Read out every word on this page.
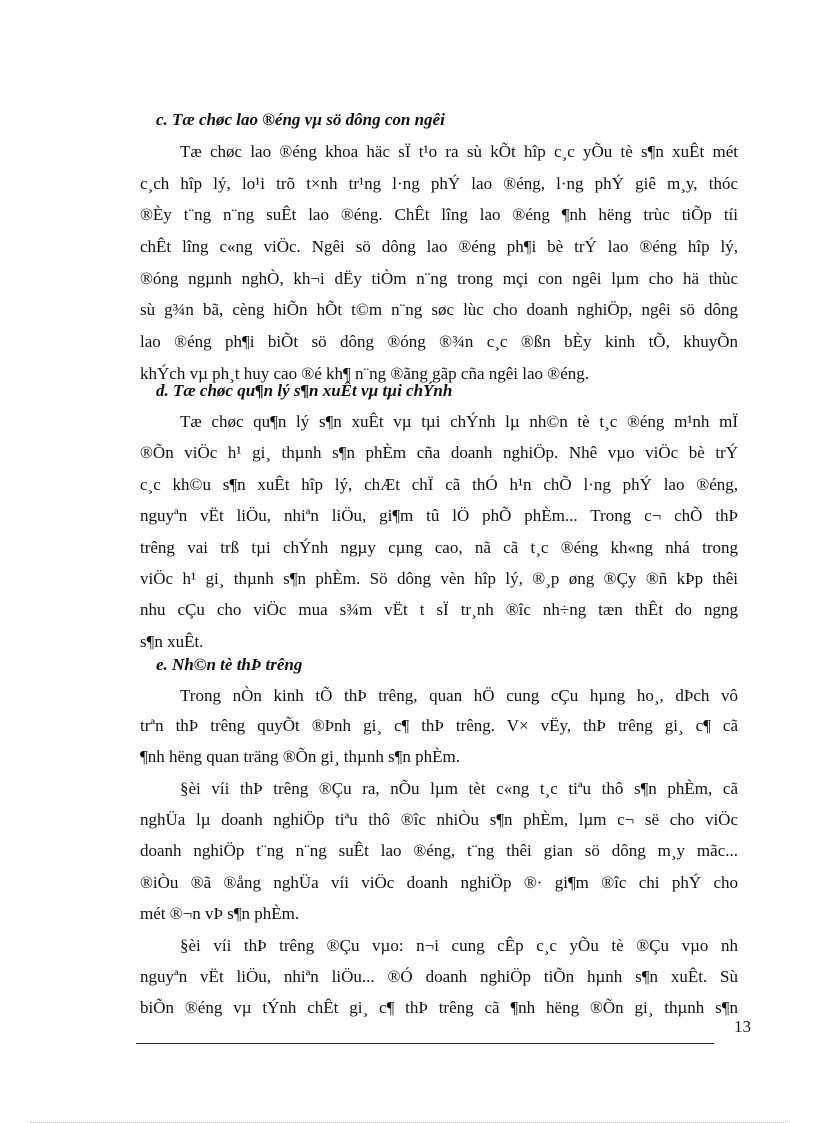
c. Tæ chøc lao ®éng vµ sö dông con ngêi
Tæ chøc lao ®éng khoa häc sÏ t¹o ra sù kÕt hîp c¸c yÕu tè s¶n xuÊt mét
c¸ch hîp lý, lo¹i trõ t×nh tr¹ng l·ng phÝ lao ®éng, l·ng phÝ giê m¸y, thóc
®Èy t¨ng n¨ng suÊt lao ®éng. ChÊt lîng lao ®éng ¶nh hëng trùc tiÕp tíi
chÊt lîng c«ng viÖc. Ngêi sö dông lao ®éng ph¶i bè trÝ lao ®éng hîp lý,
®óng ngµnh nghÒ, kh¬i dËy tiÒm n¨ng trong mçi con ngêi lµm cho hä thùc
sù g¾n bã, cèng hiÕn hÕt t©m n¨ng søc lùc cho doanh nghiÖp, ngêi sö dông
lao ®éng ph¶i biÕt sö dông ®óng ®¾n c¸c ®ßn bÈy kinh tÕ, khuyÕn
khÝch vµ ph¸t huy cao ®é kh¶ n¨ng ®ãng gãp cña ngêi lao ®éng.
d. Tæ chøc qu¶n lý s¶n xuÊt vµ tµi chÝnh
Tæ chøc qu¶n lý s¶n xuÊt vµ tµi chÝnh lµ nh©n tè t¸c ®éng m¹nh mÏ
®Õn viÖc h¹ gi¸ thµnh s¶n phÈm cña doanh nghiÖp. Nhê vµo viÖc bè trÝ
c¸c kh©u s¶n xuÊt hîp lý, chÆt chÏ cã thÓ h¹n chÕ l·ng phÝ lao ®éng,
nguyªn vËt liÖu, nhiªn liÖu, gi¶m tû lÖ phÕ phÈm... Trong c¬ chÕ thÞ
trêng vai trß tµi chÝnh ngµy cµng cao, nã cã t¸c ®éng kh«ng nhá trong
viÖc h¹ gi¸ thµnh s¶n phÈm. Sö dông vèn hîp lý, ®¸p øng ®Çy ®ñ kÞp thêi
nhu cÇu cho viÖc mua s¾m vËt t sÏ tr¸nh ®îc nh÷ng tæn thÊt do ngng
s¶n xuÊt.
e. Nh©n tè thÞ trêng
Trong nÒn kinh tÕ thÞ trêng, quan hÖ cung cÇu hµng ho¸, dÞch vô
trªn thÞ trêng quyÕt ®Þnh gi¸ c¶ thÞ trêng. V× vËy, thÞ trêng gi¸ c¶ cã
¶nh hëng quan träng ®Õn gi¸ thµnh s¶n phÈm.
§èi víi thÞ trêng ®Çu ra, nÕu lµm tèt c«ng t¸c tiªu thô s¶n phÈm, cã
nghÜa lµ doanh nghiÖp tiªu thô ®îc nhiÒu s¶n phÈm, lµm c¬ së cho viÖc
doanh nghiÖp t¨ng n¨ng suÊt lao ®éng, t¨ng thêi gian sö dông m¸y mãc...
®iÒu ®ã ®ång nghÜa víi viÖc doanh nghiÖp ®· gi¶m ®îc chi phÝ cho
mét ®¬n vÞ s¶n phÈm.
§èi víi thÞ trêng ®Çu vµo: n¬i cung cÊp c¸c yÕu tè ®Çu vµo nh
nguyªn vËt liÖu, nhiªn liÖu... ®Ó doanh nghiÖp tiÕn hµnh s¶n xuÊt. Sù
biÕn ®éng vµ tÝnh chÊt gi¸ c¶ thÞ trêng cã ¶nh hëng ®Õn gi¸ thµnh s¶n
13
